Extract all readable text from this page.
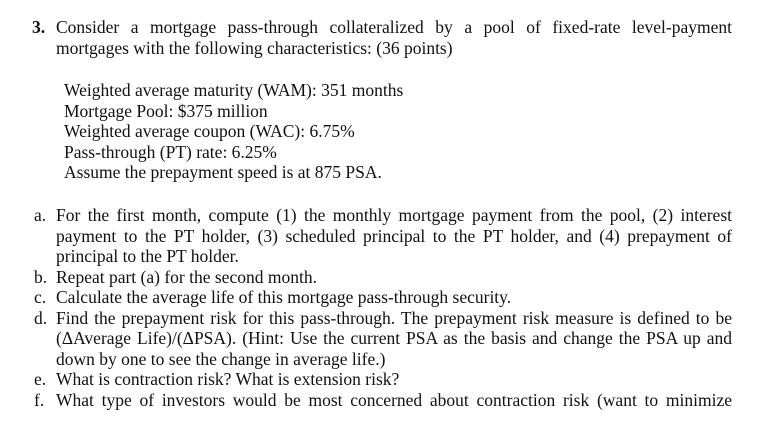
3. Consider a mortgage pass-through collateralized by a pool of fixed-rate level-payment
mortgages with the following characteristics: (36 points)
Weighted average maturity (WAM): 351 months
Mortgage Pool: $375 million
Weighted average coupon (WAC): 6.75%
Pass-through (PT) rate: 6.25%
Assume the prepayment speed is at 875 PSA.
a. For the first month, compute (1) the monthly mortgage payment from the pool, (2) interest
payment to the PT holder, (3) scheduled principal to the PT holder, and (4) prepayment of
principal to the PT holder.
b. Repeat part (a) for the second month.
c. Calculate the average life of this mortgage pass-through security.
d. Find the prepayment risk for this pass-through. The prepayment risk measure is defined to be
(ΔAverage Life)/(ΔPSA). (Hint: Use the current PSA as the basis and change the PSA up and
down by one to see the change in average life.)
e. What is contraction risk? What is extension risk?
f. What type of investors would be most concerned about contraction risk (want to minimize
